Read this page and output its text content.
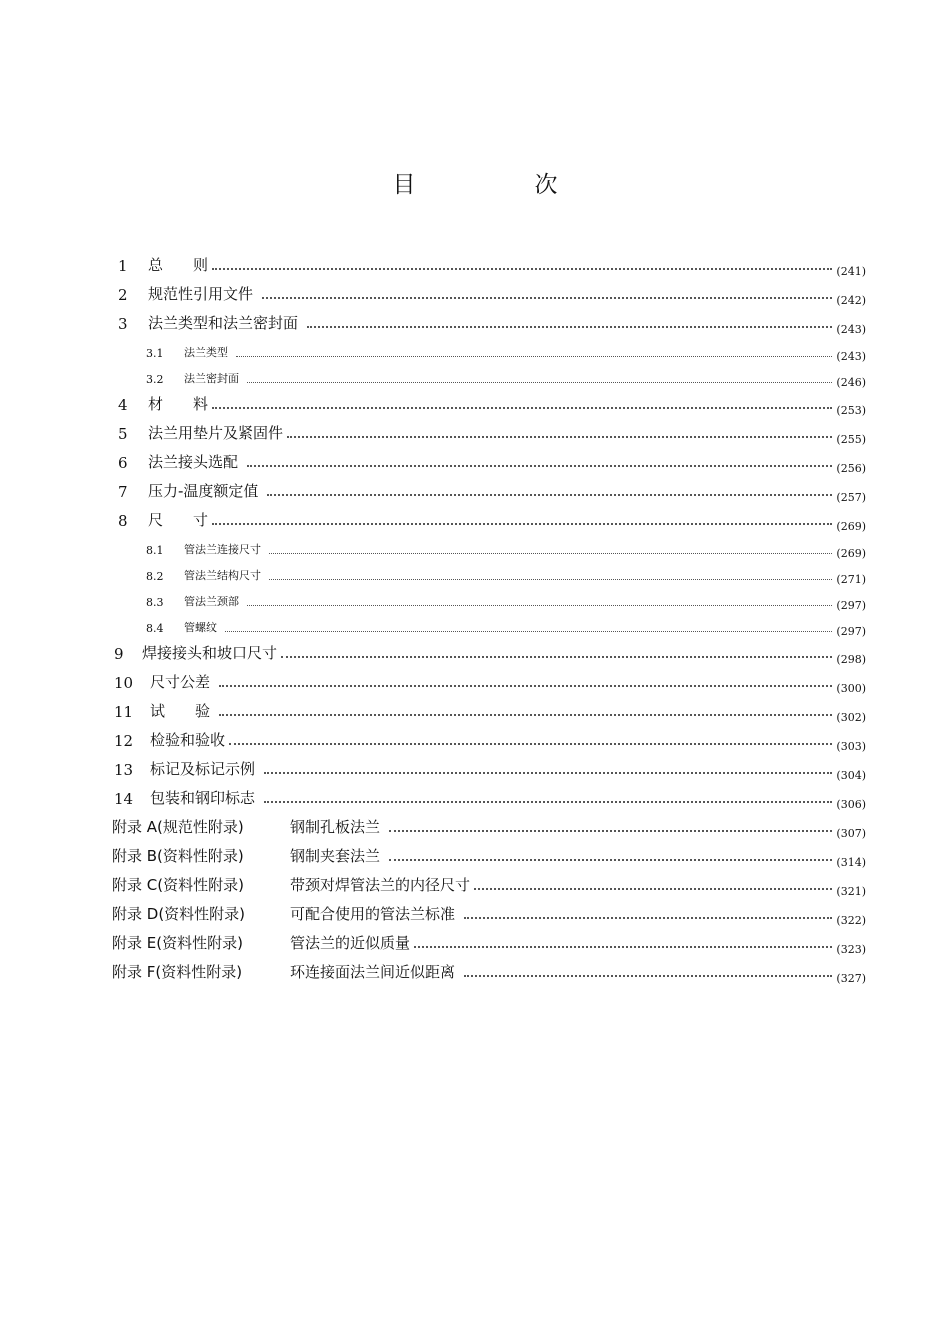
目　次
1	总　　则	(241)
2	规范性引用文件	(242)
3	法兰类型和法兰密封面	(243)
3.1	法兰类型	(243)
3.2	法兰密封面	(246)
4	材　　料	(253)
5	法兰用垫片及紧固件	(255)
6	法兰接头选配	(256)
7	压力-温度额定值	(257)
8	尺　　寸	(269)
8.1	管法兰连接尺寸	(269)
8.2	管法兰结构尺寸	(271)
8.3	管法兰颈部	(297)
8.4	管螺纹	(297)
9	焊接接头和坡口尺寸	(298)
10	尺寸公差	(300)
11	试　　验	(302)
12	检验和验收	(303)
13	标记及标记示例	(304)
14	包装和钢印标志	(306)
附录 A(规范性附录)	钢制孔板法兰	(307)
附录 B(资料性附录)	钢制夹套法兰	(314)
附录 C(资料性附录)	带颈对焊管法兰的内径尺寸	(321)
附录 D(资料性附录)	可配合使用的管法兰标准	(322)
附录 E(资料性附录)	管法兰的近似质量	(323)
附录 F(资料性附录)	环连接面法兰间近似距离	(327)
